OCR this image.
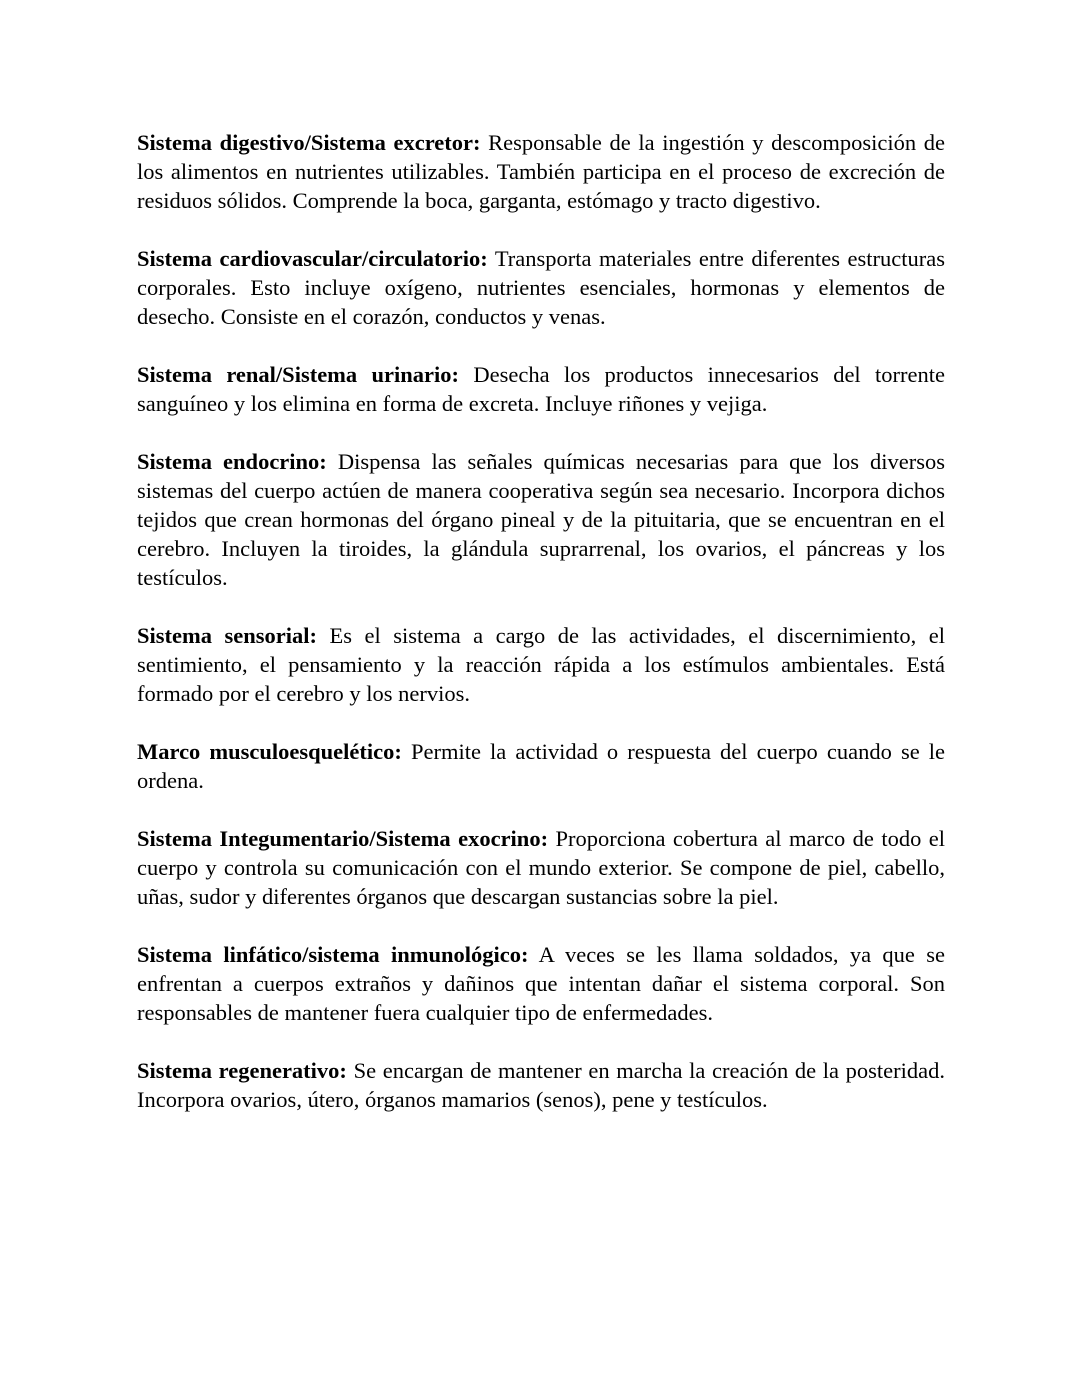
Sistema digestivo/Sistema excretor: Responsable de la ingestión y descomposición de los alimentos en nutrientes utilizables. También participa en el proceso de excreción de residuos sólidos. Comprende la boca, garganta, estómago y tracto digestivo.

Sistema cardiovascular/circulatorio: Transporta materiales entre diferentes estructuras corporales. Esto incluye oxígeno, nutrientes esenciales, hormonas y elementos de desecho. Consiste en el corazón, conductos y venas.

Sistema renal/Sistema urinario: Desecha los productos innecesarios del torrente sanguíneo y los elimina en forma de excreta. Incluye riñones y vejiga.

Sistema endocrino: Dispensa las señales químicas necesarias para que los diversos sistemas del cuerpo actúen de manera cooperativa según sea necesario. Incorpora dichos tejidos que crean hormonas del órgano pineal y de la pituitaria, que se encuentran en el cerebro. Incluyen la tiroides, la glándula suprarrenal, los ovarios, el páncreas y los testículos.

Sistema sensorial: Es el sistema a cargo de las actividades, el discernimiento, el sentimiento, el pensamiento y la reacción rápida a los estímulos ambientales. Está formado por el cerebro y los nervios.

Marco musculoesquelético: Permite la actividad o respuesta del cuerpo cuando se le ordena.

Sistema Integumentario/Sistema exocrino: Proporciona cobertura al marco de todo el cuerpo y controla su comunicación con el mundo exterior. Se compone de piel, cabello, uñas, sudor y diferentes órganos que descargan sustancias sobre la piel.

Sistema linfático/sistema inmunológico: A veces se les llama soldados, ya que se enfrentan a cuerpos extraños y dañinos que intentan dañar el sistema corporal. Son responsables de mantener fuera cualquier tipo de enfermedades.

Sistema regenerativo: Se encargan de mantener en marcha la creación de la posteridad. Incorpora ovarios, útero, órganos mamarios (senos), pene y testículos.
